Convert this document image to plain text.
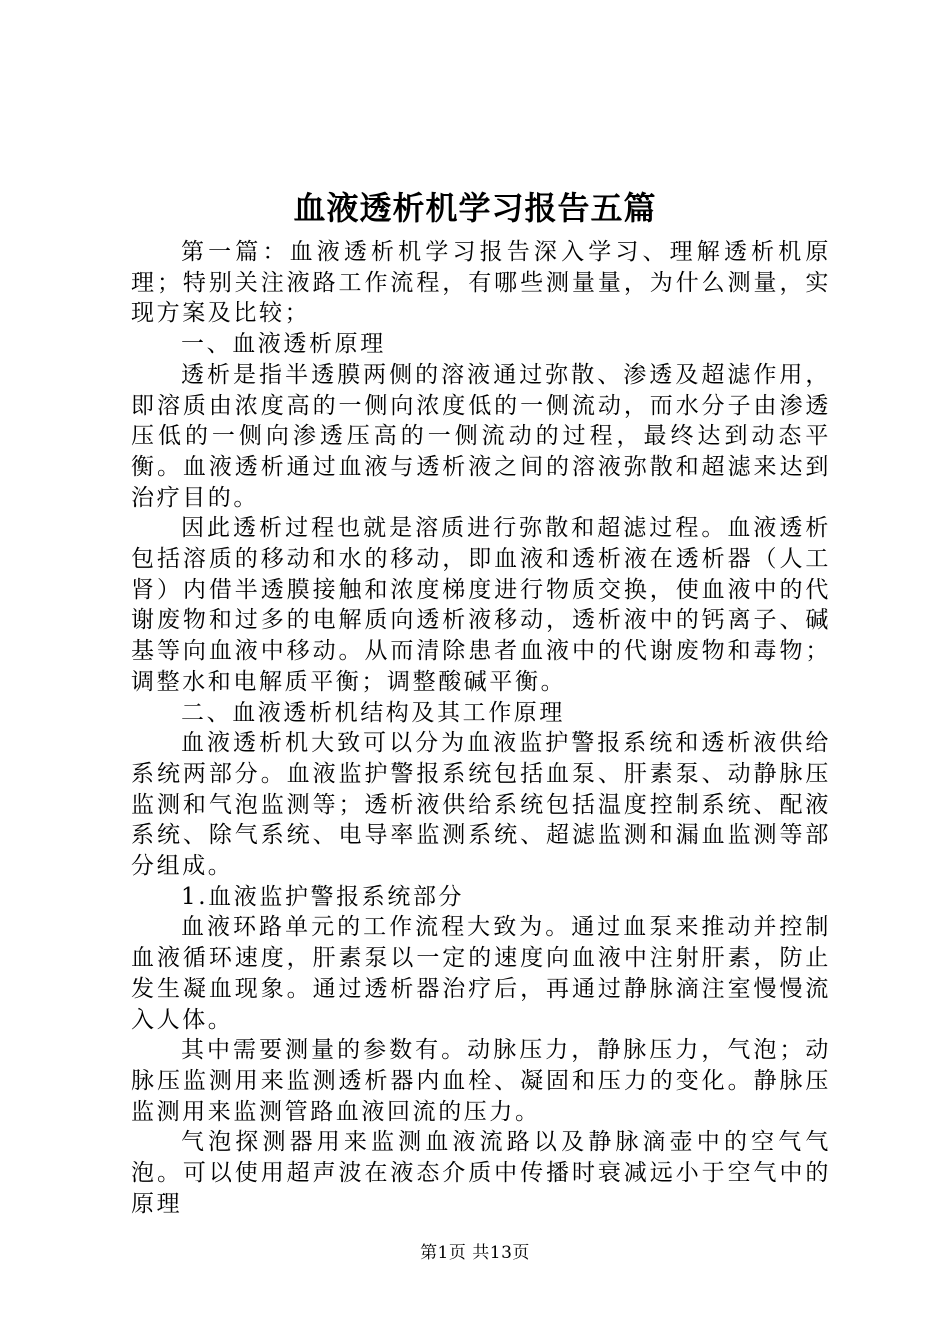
血液透析机学习报告五篇

第一篇：血液透析机学习报告深入学习、理解透析机原理；特别关注液路工作流程，有哪些测量量，为什么测量，实现方案及比较；

一、血液透析原理

透析是指半透膜两侧的溶液通过弥散、渗透及超滤作用，即溶质由浓度高的一侧向浓度低的一侧流动，而水分子由渗透压低的一侧向渗透压高的一侧流动的过程，最终达到动态平衡。血液透析通过血液与透析液之间的溶液弥散和超滤来达到治疗目的。

因此透析过程也就是溶质进行弥散和超滤过程。血液透析包括溶质的移动和水的移动，即血液和透析液在透析器（人工肾）内借半透膜接触和浓度梯度进行物质交换，使血液中的代谢废物和过多的电解质向透析液移动，透析液中的钙离子、碱基等向血液中移动。从而清除患者血液中的代谢废物和毒物；调整水和电解质平衡；调整酸碱平衡。

二、血液透析机结构及其工作原理

血液透析机大致可以分为血液监护警报系统和透析液供给系统两部分。血液监护警报系统包括血泵、肝素泵、动静脉压监测和气泡监测等；透析液供给系统包括温度控制系统、配液系统、除气系统、电导率监测系统、超滤监测和漏血监测等部分组成。

1.血液监护警报系统部分

血液环路单元的工作流程大致为。通过血泵来推动并控制血液循环速度，肝素泵以一定的速度向血液中注射肝素，防止发生凝血现象。通过透析器治疗后，再通过静脉滴注室慢慢流入人体。

其中需要测量的参数有。动脉压力，静脉压力，气泡；动脉压监测用来监测透析器内血栓、凝固和压力的变化。静脉压监测用来监测管路血液回流的压力。

气泡探测器用来监测血液流路以及静脉滴壶中的空气气泡。可以使用超声波在液态介质中传播时衰减远小于空气中的原理

第1页 共13页
